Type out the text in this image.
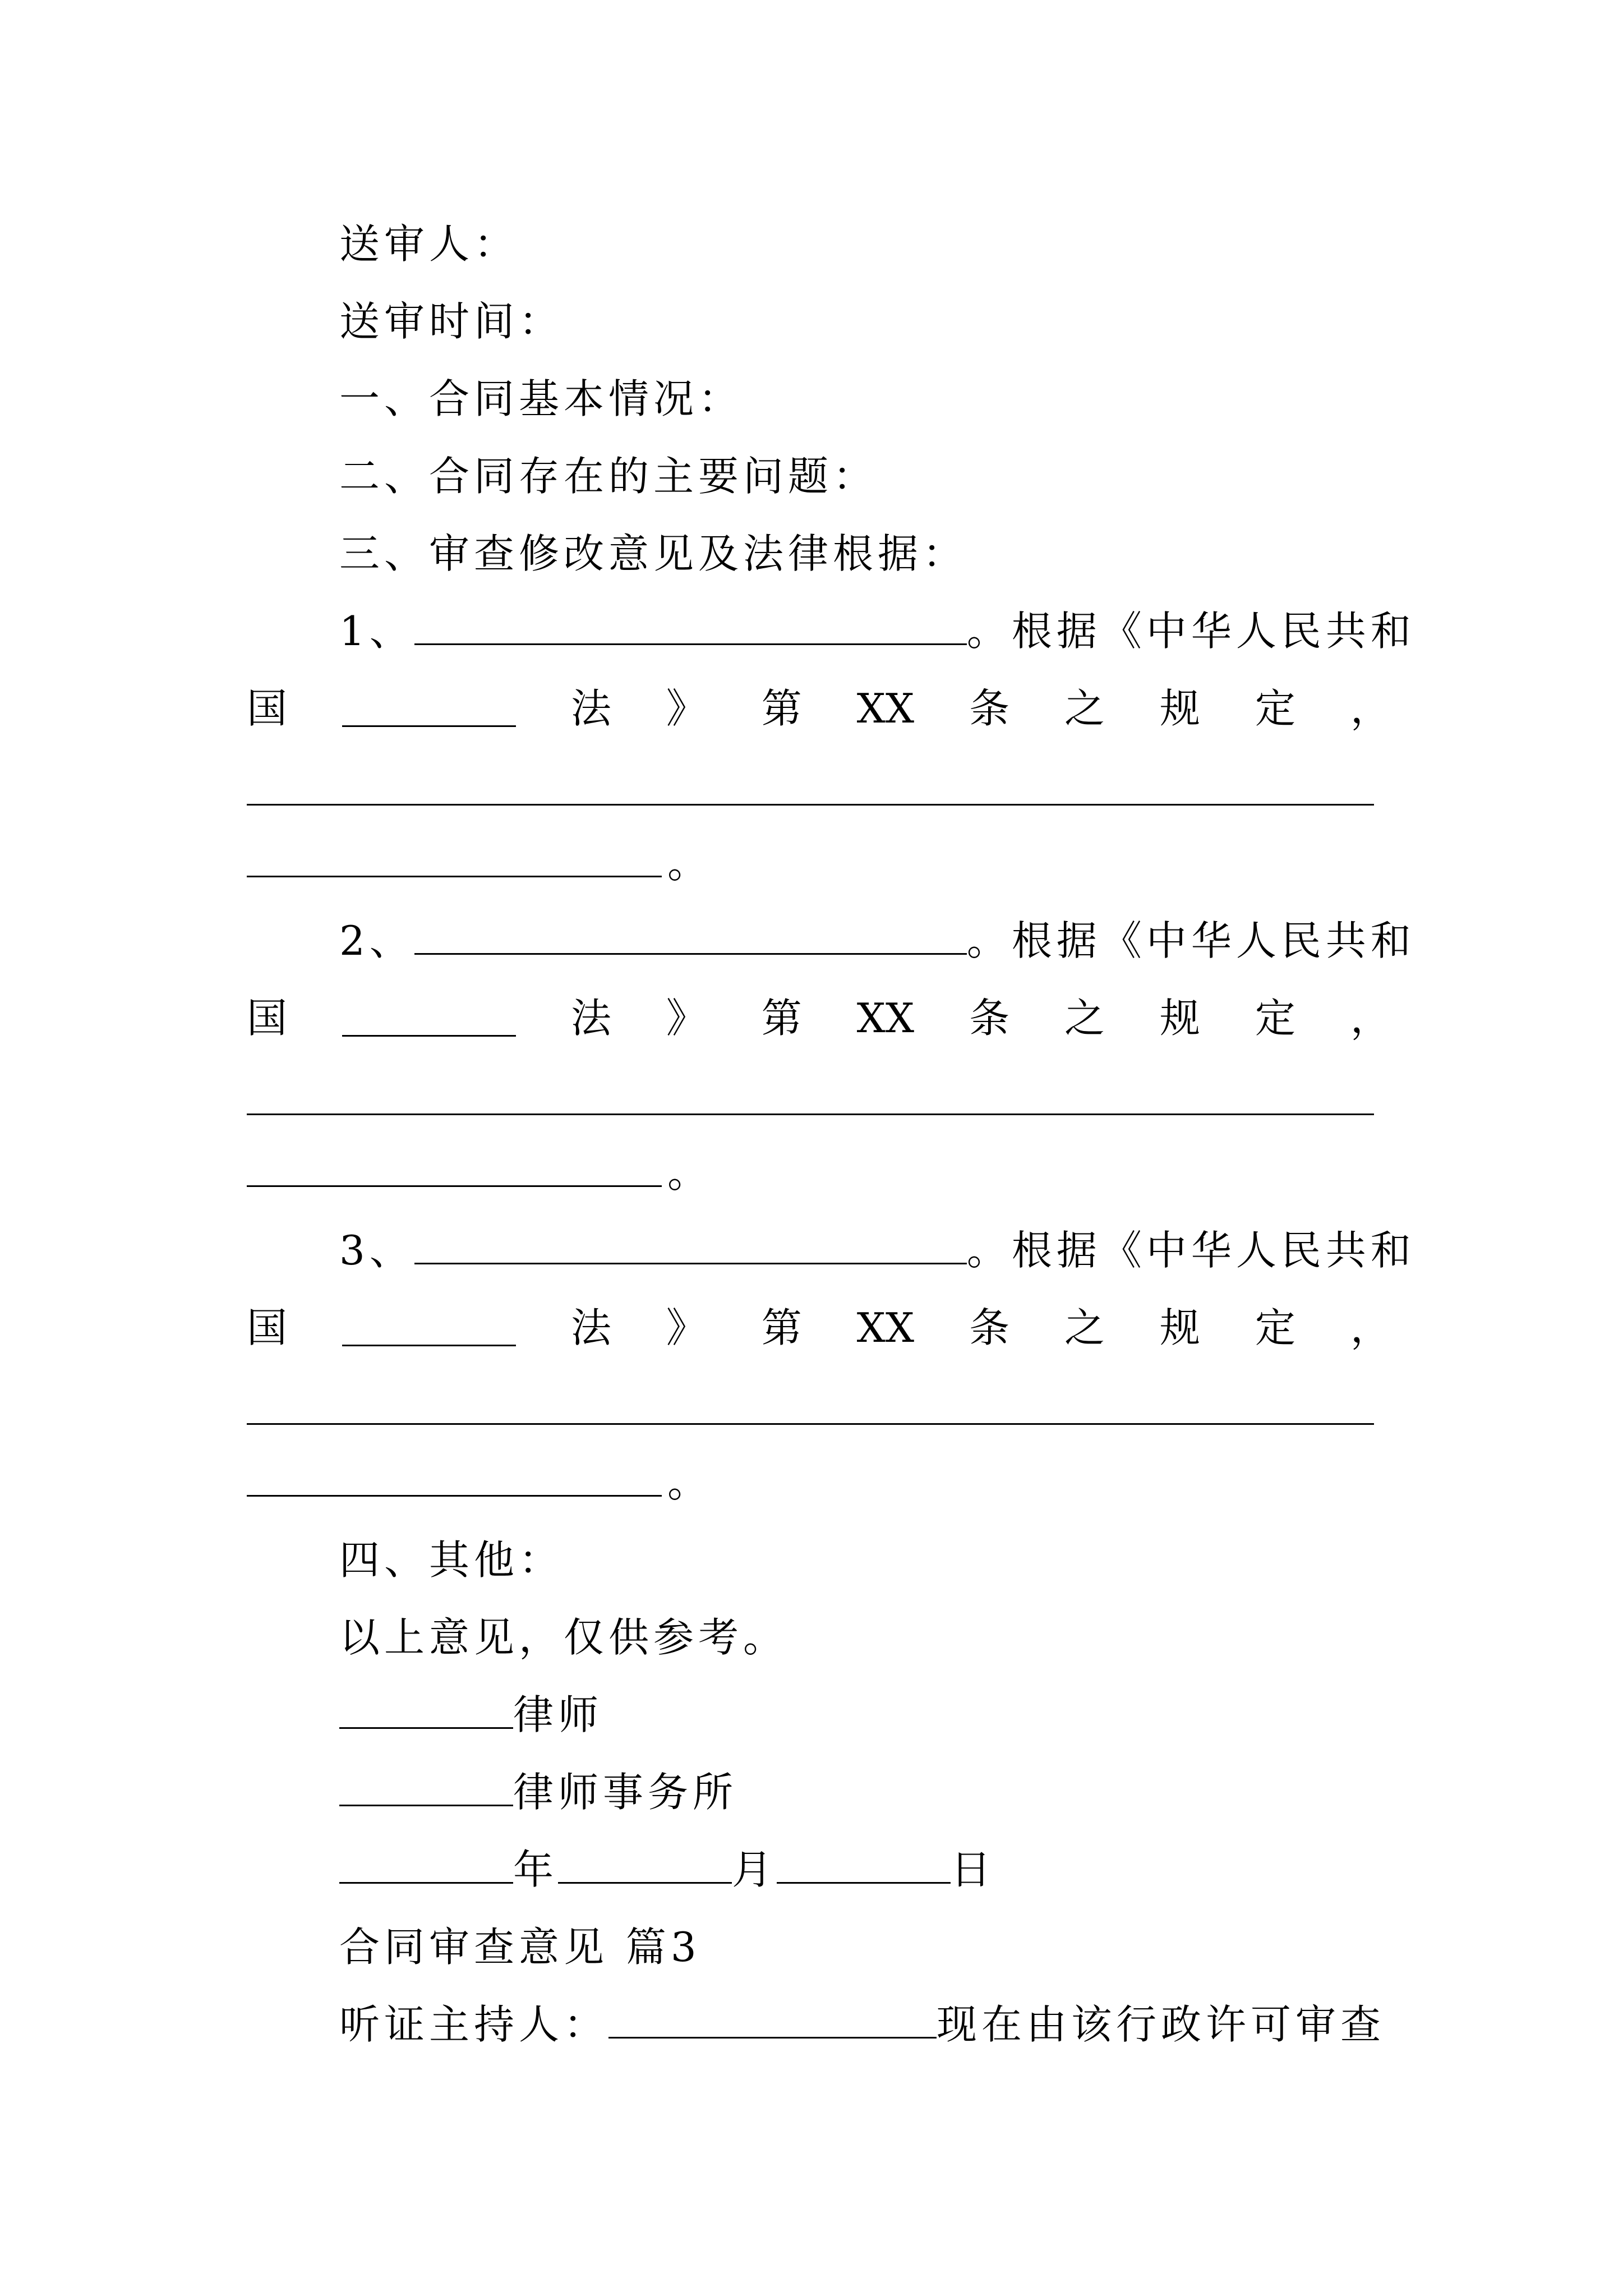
送审人：
送审时间：
一、合同基本情况：
二、合同存在的主要问题：
三、审查修改意见及法律根据：
1、	。根据《中华人民共和
国	法 》 第 XX 条 之 规 定 ，
。
2、	。根据《中华人民共和
国	法 》 第 XX 条 之 规 定 ，
。
3、	。根据《中华人民共和
国	法 》 第 XX 条 之 规 定 ，
。
四、其他：
以上意见，仅供参考。
律师
律师事务所
年	月	日
合同审查意见 篇3
听证主持人：	现在由该行政许可审查
